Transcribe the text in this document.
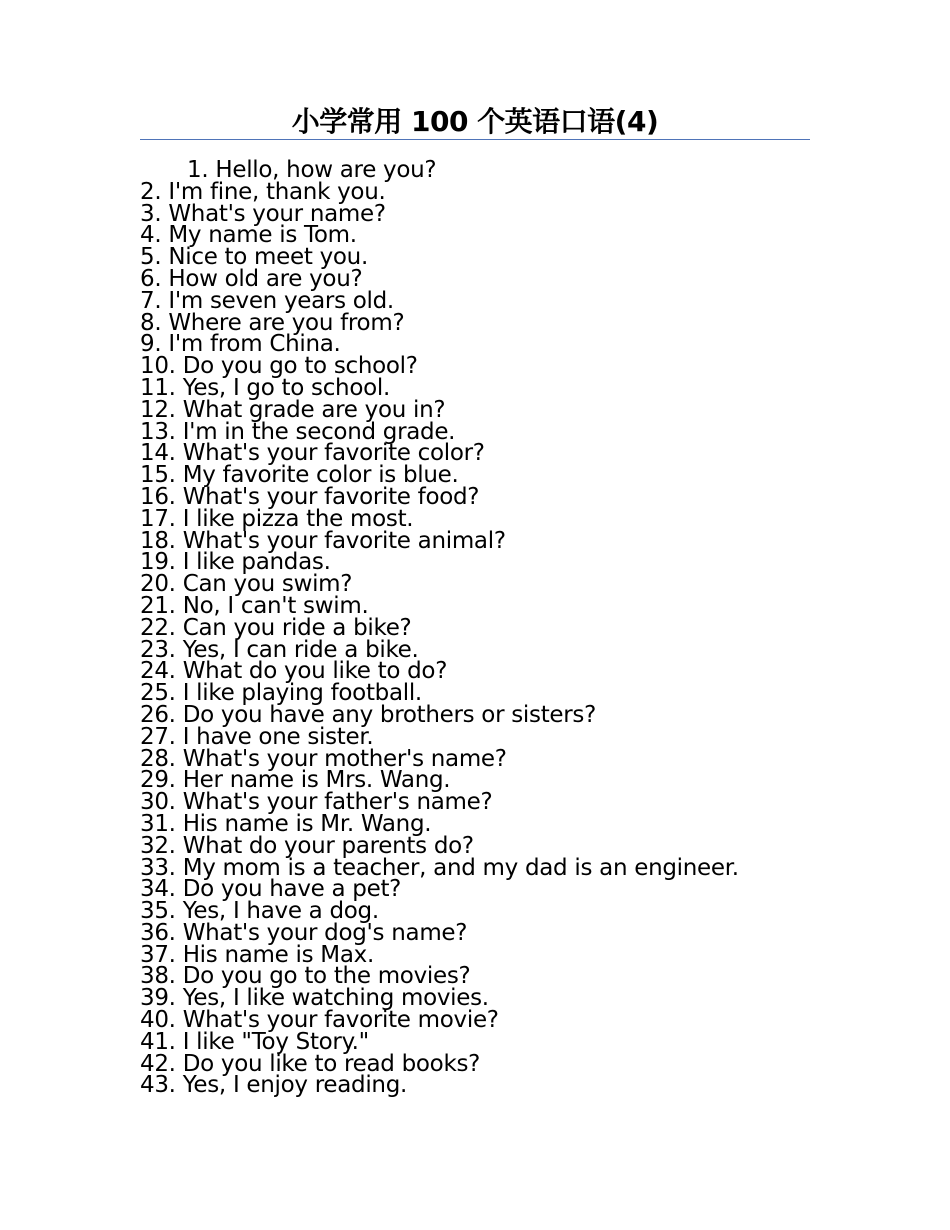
小学常用 100 个英语口语(4)
1. Hello, how are you?
2. I'm fine, thank you.
3. What's your name?
4. My name is Tom.
5. Nice to meet you.
6. How old are you?
7. I'm seven years old.
8. Where are you from?
9. I'm from China.
10. Do you go to school?
11. Yes, I go to school.
12. What grade are you in?
13. I'm in the second grade.
14. What's your favorite color?
15. My favorite color is blue.
16. What's your favorite food?
17. I like pizza the most.
18. What's your favorite animal?
19. I like pandas.
20. Can you swim?
21. No, I can't swim.
22. Can you ride a bike?
23. Yes, I can ride a bike.
24. What do you like to do?
25. I like playing football.
26. Do you have any brothers or sisters?
27. I have one sister.
28. What's your mother's name?
29. Her name is Mrs. Wang.
30. What's your father's name?
31. His name is Mr. Wang.
32. What do your parents do?
33. My mom is a teacher, and my dad is an engineer.
34. Do you have a pet?
35. Yes, I have a dog.
36. What's your dog's name?
37. His name is Max.
38. Do you go to the movies?
39. Yes, I like watching movies.
40. What's your favorite movie?
41. I like "Toy Story."
42. Do you like to read books?
43. Yes, I enjoy reading.
